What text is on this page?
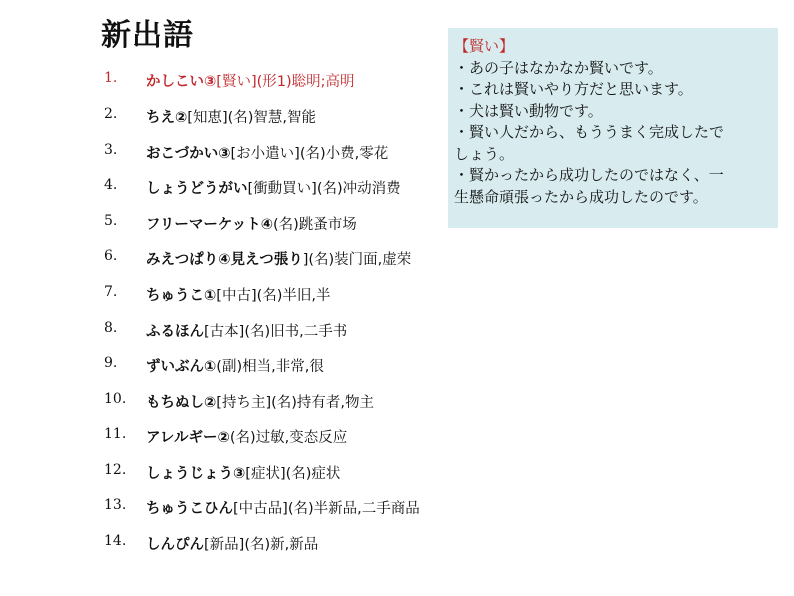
新出語
1.	かしこい③[賢い](形1)聡明;高明
2.	ちえ②[知恵](名)智慧,智能
3.	おこづかい③[お小遣い](名)小费,零花
4.	しょうどうがい[衝動買い](名)冲动消费
5.	フリーマーケット④(名)跳蚤市场
6.	みえつぱり④見えつ張り](名)装门面,虚荣
7.	ちゅうこ①[中古](名)半旧,半
8.	ふるほん[古本](名)旧书,二手书
9.	ずいぶん①(副)相当,非常,很
10.	もちぬし②[持ち主](名)持有者,物主
11.	アレルギー②(名)过敏,变态反应
12.	しょうじょう③[症状](名)症状
13.	ちゅうこひん[中古品](名)半新品,二手商品
14.	しんぴん[新品](名)新,新品
【賢い】
・あの子はなかなか賢いです。
・これは賢いやり方だと思います。
・犬は賢い動物です。
・賢い人だから、もううまく完成したで
しょう。
・賢かったから成功したのではなく、一
生懸命頑張ったから成功したのです。
